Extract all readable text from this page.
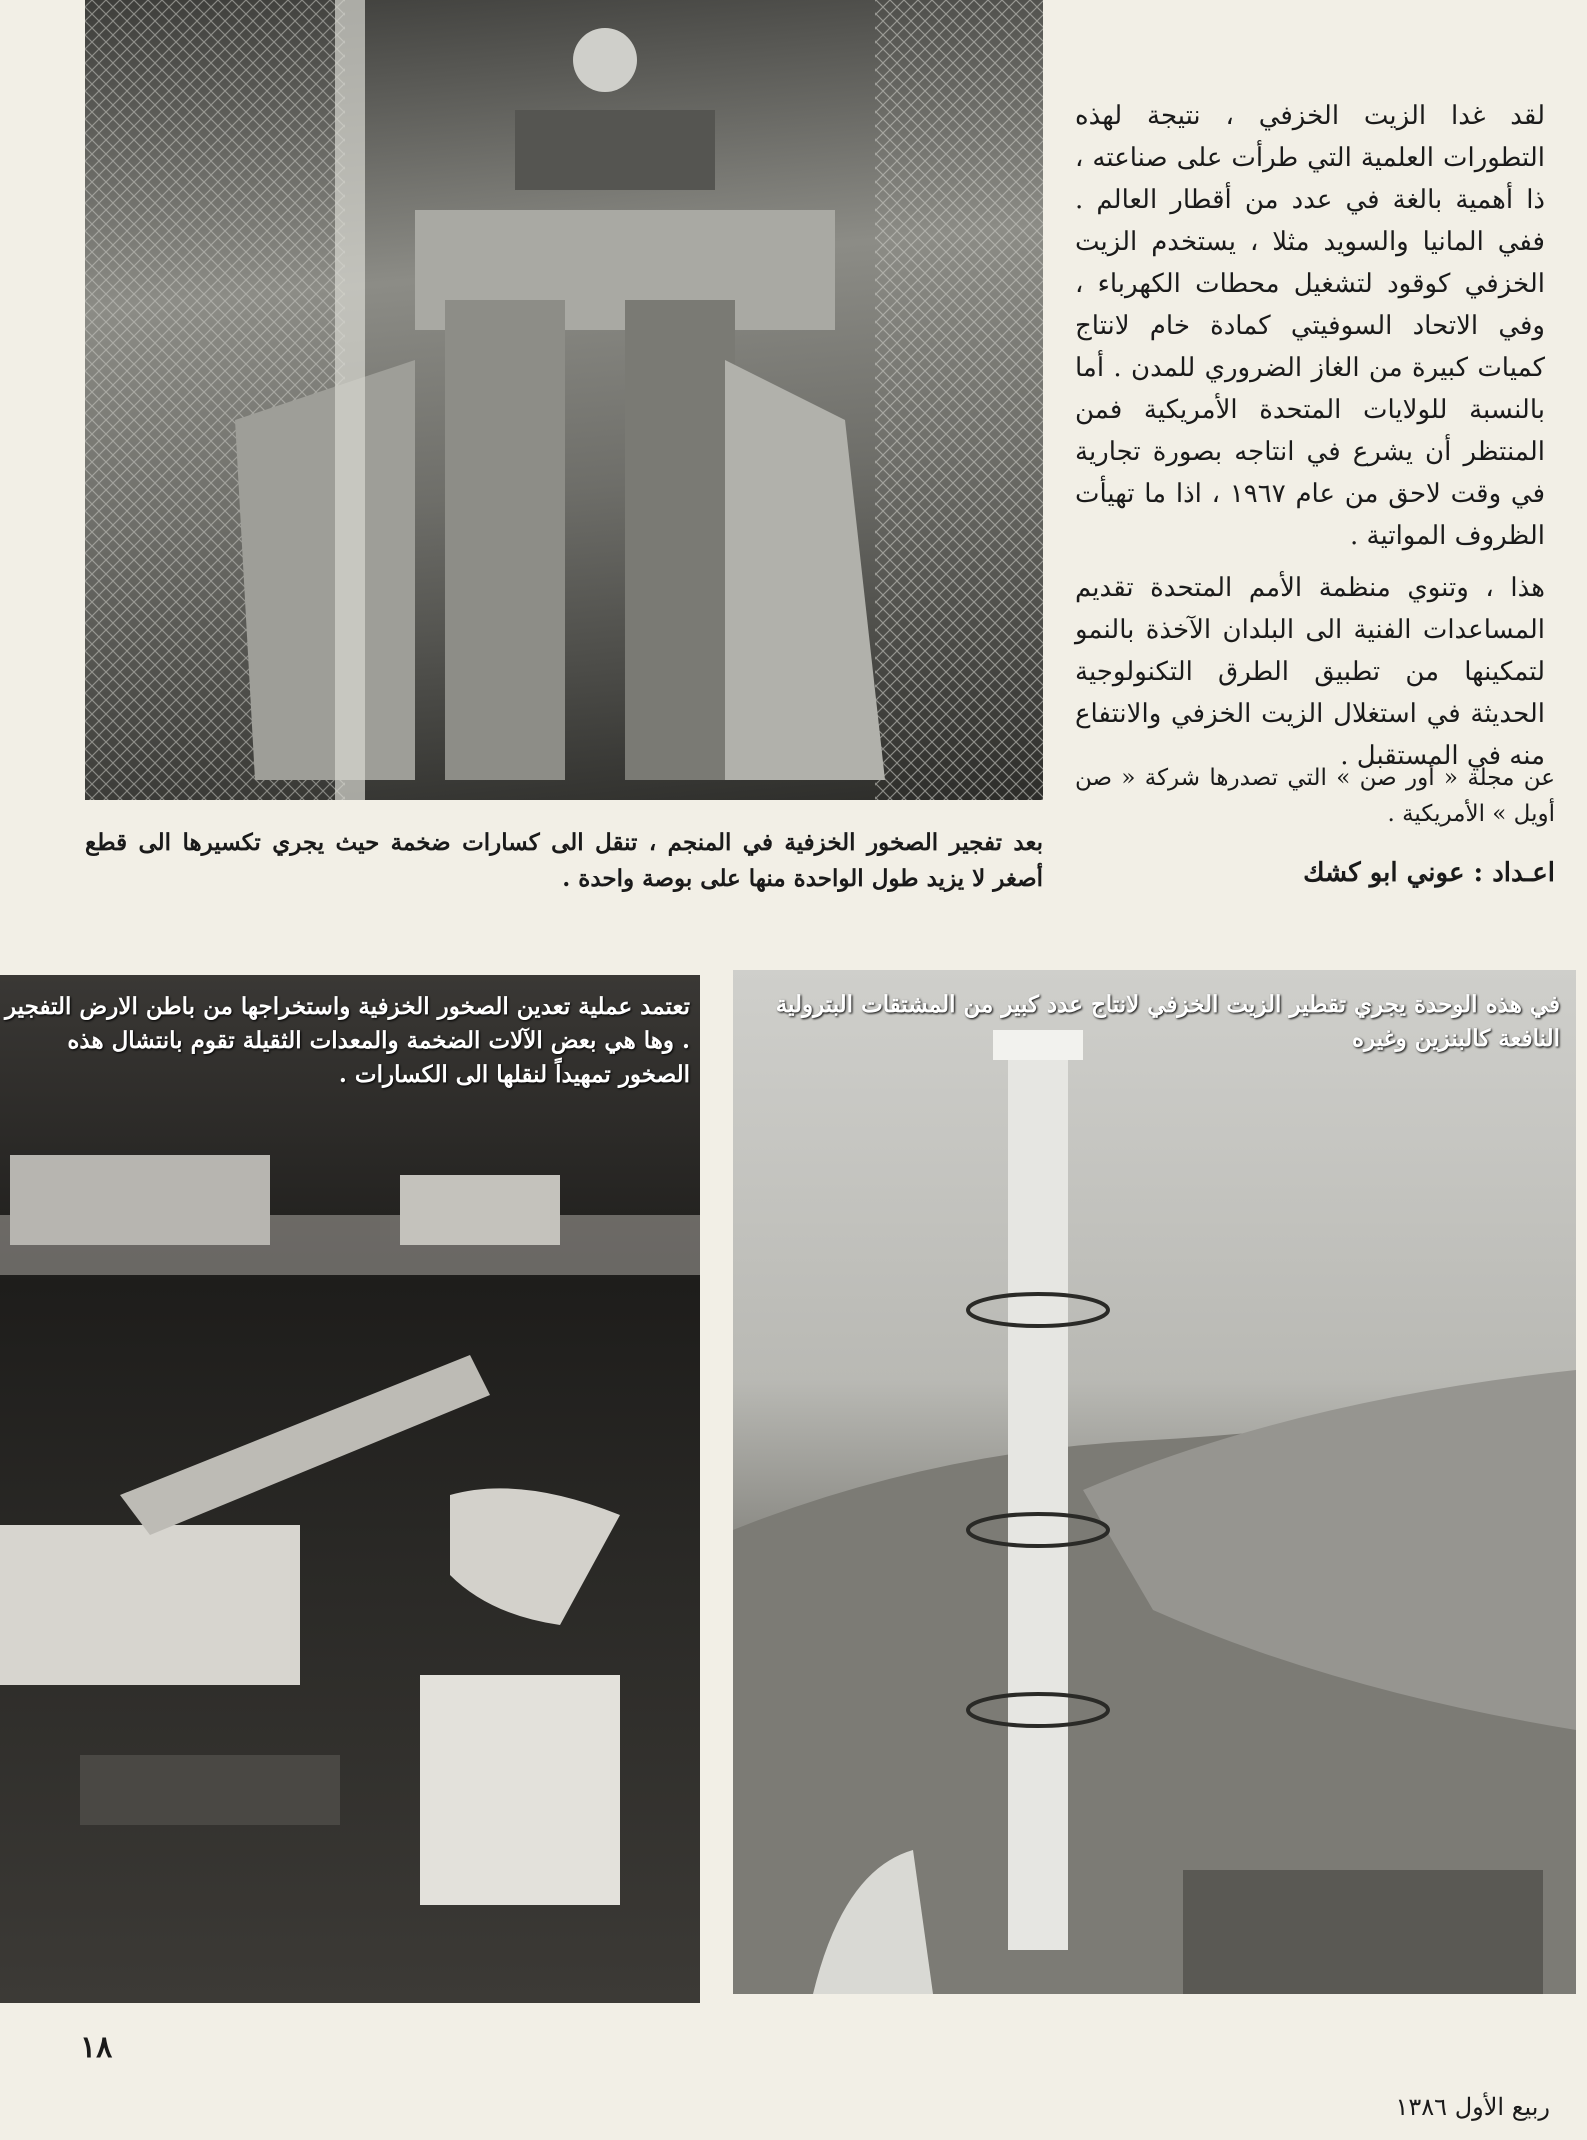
بعد تفجير الصخور الخزفية في المنجم ، تنقل الى كسارات ضخمة حيث يجري تكسيرها الى قطع أصغر لا يزيد طول الواحدة منها على بوصة واحدة .

لقد غدا الزيت الخزفي ، نتيجة لهذه التطورات العلمية التي طرأت على صناعته ، ذا أهمية بالغة في عدد من أقطار العالم . ففي المانيا والسويد مثلا ، يستخدم الزيت الخزفي كوقود لتشغيل محطات الكهرباء ، وفي الاتحاد السوفيتي كمادة خام لانتاج كميات كبيرة من الغاز الضروري للمدن . أما بالنسبة للولايات المتحدة الأمريكية فمن المنتظر أن يشرع في انتاجه بصورة تجارية في وقت لاحق من عام ١٩٦٧ ، اذا ما تهيأت الظروف المواتية .

هذا ، وتنوي منظمة الأمم المتحدة تقديم المساعدات الفنية الى البلدان الآخذة بالنمو لتمكينها من تطبيق الطرق التكنولوجية الحديثة في استغلال الزيت الخزفي والانتفاع منه في المستقبل .

عن مجلة « أور صن » التي تصدرها شركة « صن أويل » الأمريكية .
اعـداد : عوني ابو كشك
تعتمد عملية تعدين الصخور الخزفية واستخراجها من باطن الارض التفجير . وها هي بعض الآلات الضخمة والمعدات الثقيلة تقوم بانتشال هذه الصخور تمهيداً لنقلها الى الكسارات .
في هذه الوحدة يجري تقطير الزيت الخزفي لانتاج عدد كبير من المشتقات البترولية النافعة كالبنزين وغيره
١٨
ربيع الأول ١٣٨٦
